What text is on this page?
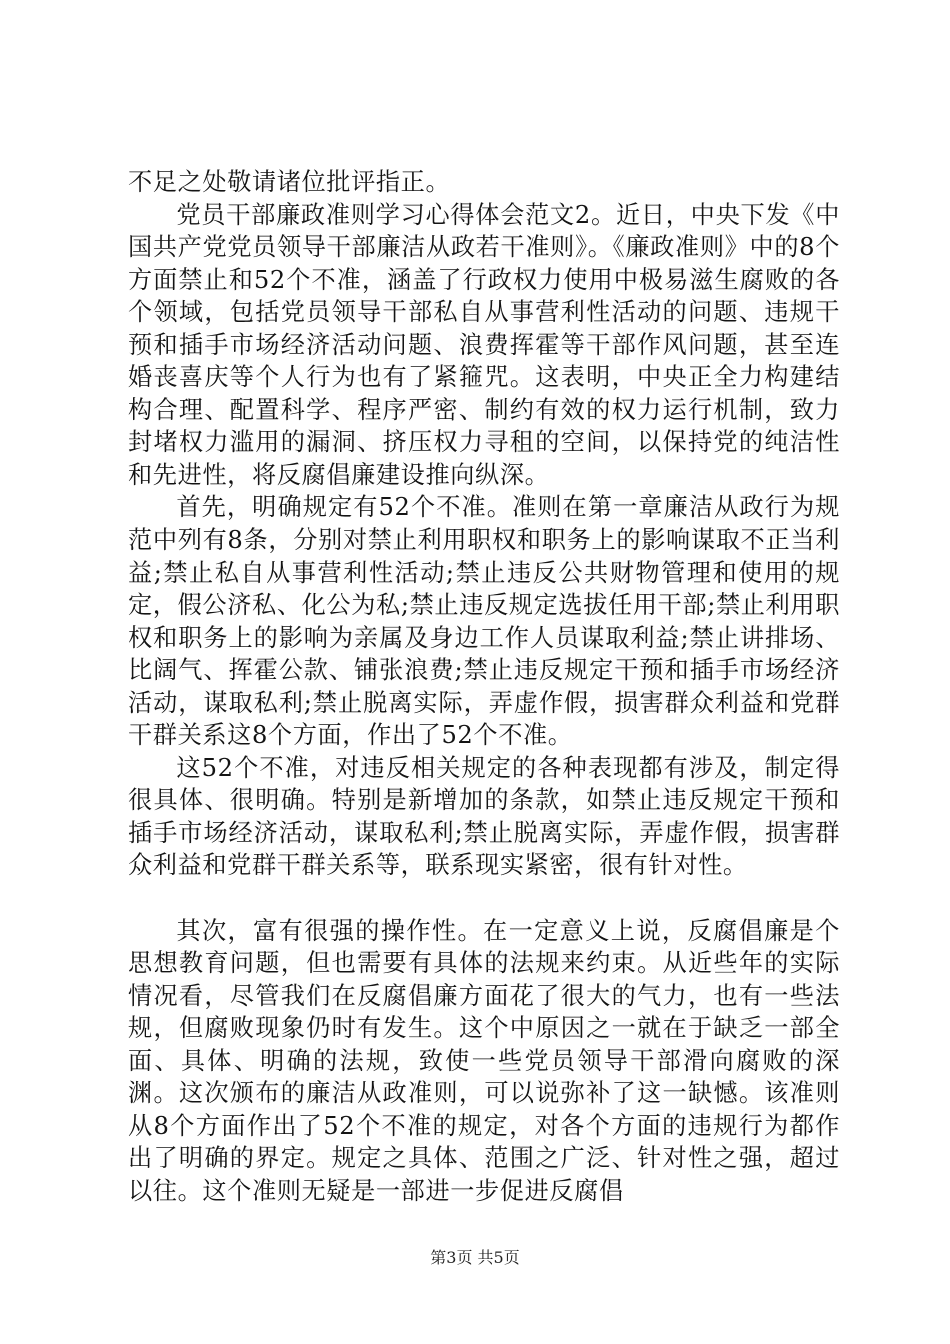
不足之处敬请诸位批评指正。

党员干部廉政准则学习心得体会范文2。近日，中央下发《中国共产党党员领导干部廉洁从政若干准则》。《廉政准则》中的8个方面禁止和52个不准，涵盖了行政权力使用中极易滋生腐败的各个领域，包括党员领导干部私自从事营利性活动的问题、违规干预和插手市场经济活动问题、浪费挥霍等干部作风问题，甚至连婚丧喜庆等个人行为也有了紧箍咒。这表明，中央正全力构建结构合理、配置科学、程序严密、制约有效的权力运行机制，致力封堵权力滥用的漏洞、挤压权力寻租的空间，以保持党的纯洁性和先进性，将反腐倡廉建设推向纵深。

首先，明确规定有52个不准。准则在第一章廉洁从政行为规范中列有8条，分别对禁止利用职权和职务上的影响谋取不正当利益;禁止私自从事营利性活动;禁止违反公共财物管理和使用的规定，假公济私、化公为私;禁止违反规定选拔任用干部;禁止利用职权和职务上的影响为亲属及身边工作人员谋取利益;禁止讲排场、比阔气、挥霍公款、铺张浪费;禁止违反规定干预和插手市场经济活动，谋取私利;禁止脱离实际，弄虚作假，损害群众利益和党群干群关系这8个方面，作出了52个不准。

这52个不准，对违反相关规定的各种表现都有涉及，制定得很具体、很明确。特别是新增加的条款，如禁止违反规定干预和插手市场经济活动，谋取私利;禁止脱离实际，弄虚作假，损害群众利益和党群干群关系等，联系现实紧密，很有针对性。

其次，富有很强的操作性。在一定意义上说，反腐倡廉是个思想教育问题，但也需要有具体的法规来约束。从近些年的实际情况看，尽管我们在反腐倡廉方面花了很大的气力，也有一些法规，但腐败现象仍时有发生。这个中原因之一就在于缺乏一部全面、具体、明确的法规，致使一些党员领导干部滑向腐败的深渊。这次颁布的廉洁从政准则，可以说弥补了这一缺憾。该准则从8个方面作出了52个不准的规定，对各个方面的违规行为都作出了明确的界定。规定之具体、范围之广泛、针对性之强，超过以往。这个准则无疑是一部进一步促进反腐倡

第3页 共5页
